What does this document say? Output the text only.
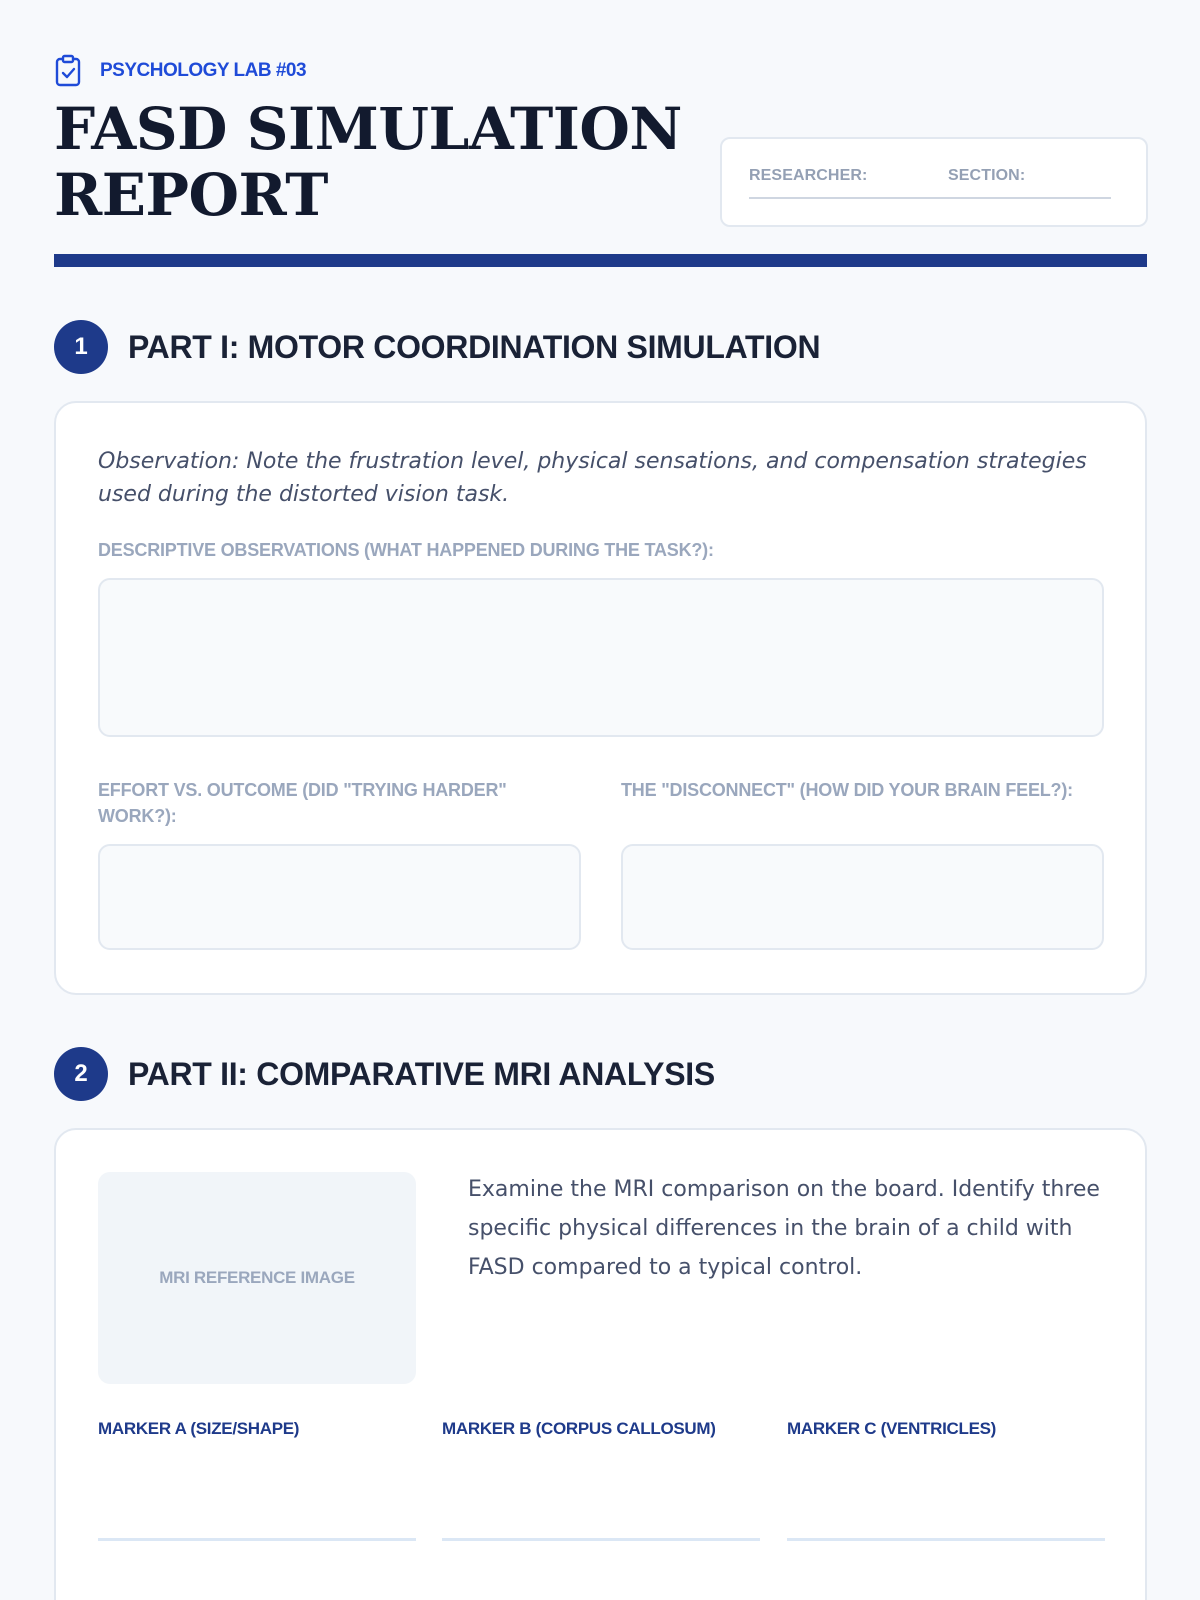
PSYCHOLOGY LAB #03
FASD SIMULATION
REPORT	RESEARCHER:	SECTION:
1	PART I: MOTOR COORDINATION SIMULATION
Observation: Note the frustration level, physical sensations, and compensation strategies used during the distorted vision task.
DESCRIPTIVE OBSERVATIONS (WHAT HAPPENED DURING THE TASK?):
EFFORT VS. OUTCOME (DID "TRYING HARDER" WORK?):
THE "DISCONNECT" (HOW DID YOUR BRAIN FEEL?):
2	PART II: COMPARATIVE MRI ANALYSIS
MRI REFERENCE IMAGE
Examine the MRI comparison on the board. Identify three specific physical differences in the brain of a child with FASD compared to a typical control.
MARKER A (SIZE/SHAPE)	MARKER B (CORPUS CALLOSUM)	MARKER C (VENTRICLES)
